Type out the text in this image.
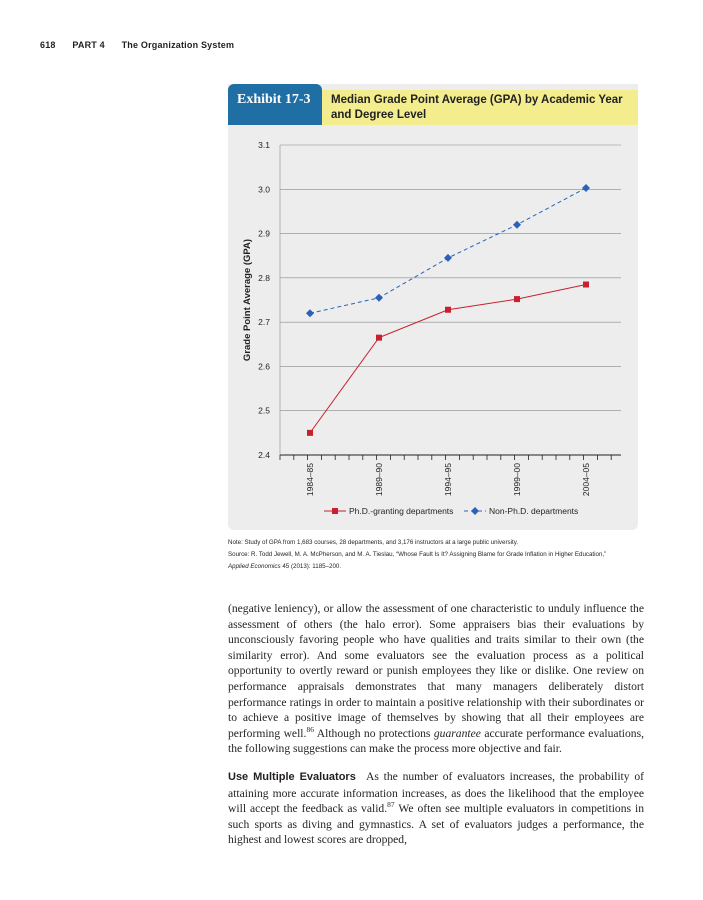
618 PART 4 The Organization System
Exhibit 17-3	Median Grade Point Average (GPA) by Academic Year and Degree Level
2.4
2.5
2.6
2.7
2.8
2.9
3.0
3.1
1984–85	1989–90	1994–95	1999–00	2004–05
Grade Point Average (GPA)
Ph.D.-granting departments	Non-Ph.D. departments
Note: Study of GPA from 1,683 courses, 28 departments, and 3,176 instructors at a large public university.
Source: R. Todd Jewell, M. A. McPherson, and M. A. Tieslau, “Whose Fault Is It? Assigning Blame for Grade Inflation in Higher Education,”
Applied Economics 45 (2013): 1185–200.
(negative leniency), or allow the assessment of one characteristic to unduly influence the assessment of others (the halo error). Some appraisers bias their evaluations by unconsciously favoring people who have qualities and traits similar to their own (the similarity error). And some evaluators see the evaluation process as a political opportunity to overtly reward or punish employees they like or dislike. One review on performance appraisals demonstrates that many managers deliberately distort performance ratings in order to maintain a positive relationship with their subordinates or to achieve a positive image of themselves by showing that all their employees are performing well.$^{86}$ Although no protections guarantee accurate performance evaluations, the following suggestions can make the process more objective and fair.
Use Multiple Evaluators As the number of evaluators increases, the probability of attaining more accurate information increases, as does the likelihood that the employee will accept the feedback as valid.$^{87}$ We often see multiple evaluators in competitions in such sports as diving and gymnastics. A set of evaluators judges a performance, the highest and lowest scores are dropped,
